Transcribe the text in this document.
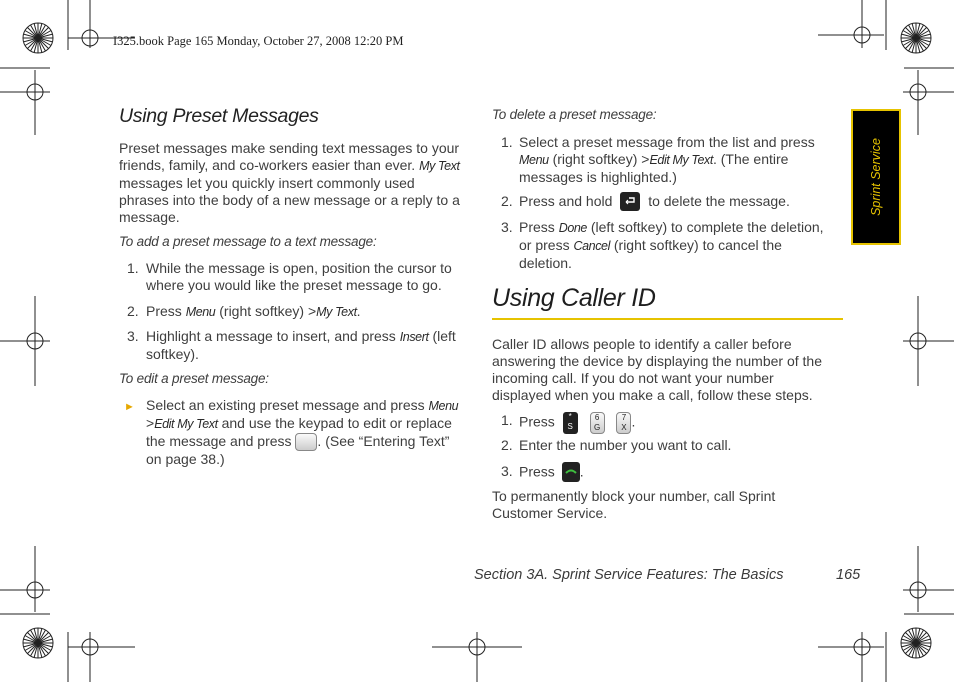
I325.book Page 165 Monday, October 27, 2008 12:20 PM
Sprint Service
Using Preset Messages
Preset messages make sending text messages to your
friends, family, and co-workers easier than ever. My Text
messages let you quickly insert commonly used
phrases into the body of a new message or a reply to a
message.
To add a preset message to a text message:
1. While the message is open, position the cursor to
where you would like the preset message to go.
2. Press Menu (right softkey) >My Text.
3. Highlight a message to insert, and press Insert (left
softkey).
To edit a preset message:
► Select an existing preset message and press Menu
>Edit My Text and use the keypad to edit or replace
the message and press . (See “Entering Text”
on page 38.)
To delete a preset message:
1. Select a preset message from the list and press
Menu (right softkey) >Edit My Text. (The entire
messages is highlighted.)
2. Press and hold	to delete the message.
3. Press Done (left softkey) to complete the deletion,
or press Cancel (right softkey) to cancel the
deletion.
Using Caller ID
Caller ID allows people to identify a caller before
answering the device by displaying the number of the
incoming call. If you do not want your number
displayed when you make a call, follow these steps.
1. Press	*
S

6
G

7
X .
2. Enter the number you want to call.
3. Press .
To permanently block your number, call Sprint
Customer Service.
Section 3A. Sprint Service Features: The Basics	165
